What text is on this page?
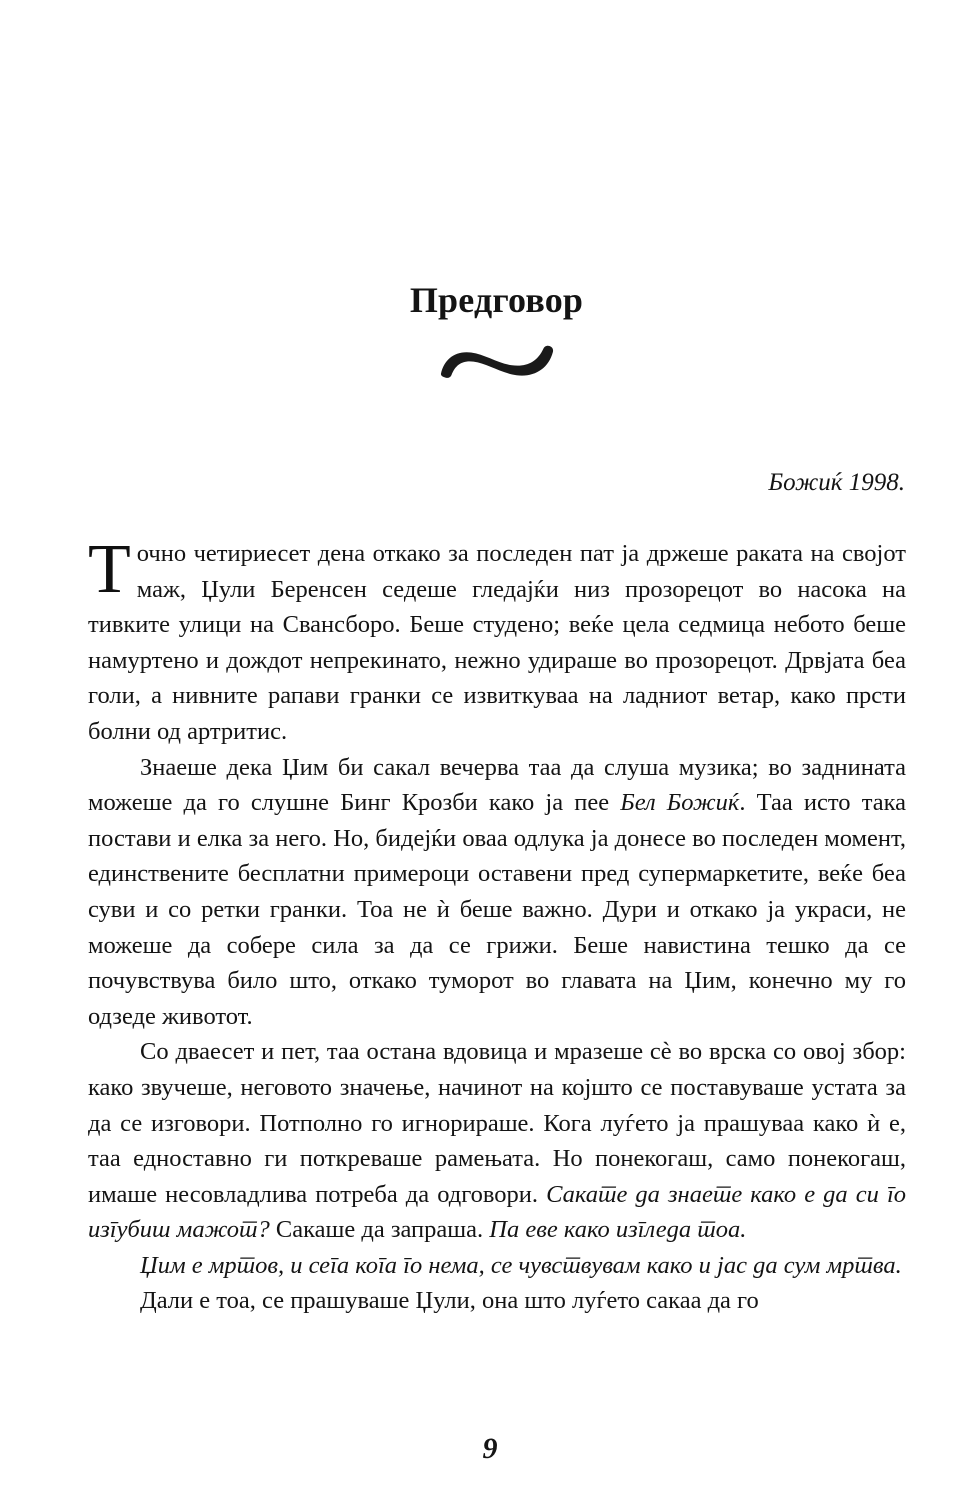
Предговор
Божиќ 1998.

Точно четириесет дена откако за последен пат ја држеше раката на својот маж, Џули Беренсен седеше гледајќи низ прозорецот во насока на тивките улици на Свансборо. Беше студено; веќе цела седмица небото беше намуртено и дождот непрекинато, нежно удираше во прозорецот. Дрвјата беа голи, а нивните рапави гранки се извиткуваа на ладниот ветар, како прсти болни од артритис.

Знаеше дека Џим би сакал вечерва таа да слуша музика; во заднината можеше да го слушне Бинг Крозби како ја пее Бел Божиќ. Таа исто така постави и елка за него. Но, бидејќи оваа одлука ја донесе во последен момент, единствените бесплатни примероци оставени пред супермаркетите, веќе беа суви и со ретки гранки. Тоа не ѝ беше важно. Дури и откако ја украси, не можеше да собере сила за да се грижи. Беше навистина тешко да се почувствува било што, откако туморот во главата на Џим, конечно му го одзеде животот.

Со дваесет и пет, таа остана вдовица и мразеше сѐ во врска со овој збор: како звучеше, неговото значење, начинот на којшто се поставуваше устата за да се изговори. Потполно го игнорираше. Кога луѓето ја прашуваа како ѝ е, таа едноставно ги поткреваше рамењата. Но понекогаш, само понекогаш, имаше несовладлива потреба да одговори. Сакате да знаете како е да си го изгубиш мажот? Сакаше да запраша. Па еве како изгледа тоа.

Џим е мртов, и сега кога го нема, се чувствувам како и јас да сум мртва.

Дали е тоа, се прашуваше Џули, она што луѓето сакаа да го

9
